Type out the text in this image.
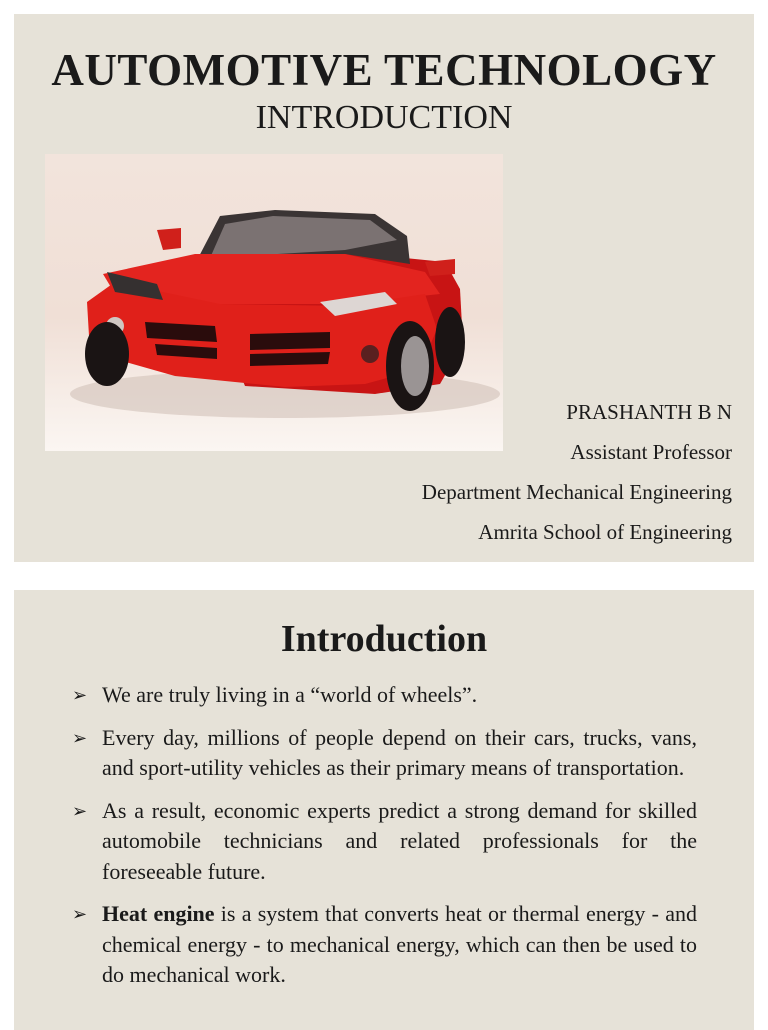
AUTOMOTIVE TECHNOLOGY
INTRODUCTION
PRASHANTH B N
Assistant Professor
Department Mechanical Engineering
Amrita School of Engineering
Introduction
➢ We are truly living in a “world of wheels”.
➢ Every day, millions of people depend on their cars, trucks, vans, and sport-utility vehicles as their primary means of transportation.
➢ As a result, economic experts predict a strong demand for skilled automobile technicians and related professionals for the foreseeable future.
➢ Heat engine is a system that converts heat or thermal energy - and chemical energy - to mechanical energy, which can then be used to do mechanical work.
